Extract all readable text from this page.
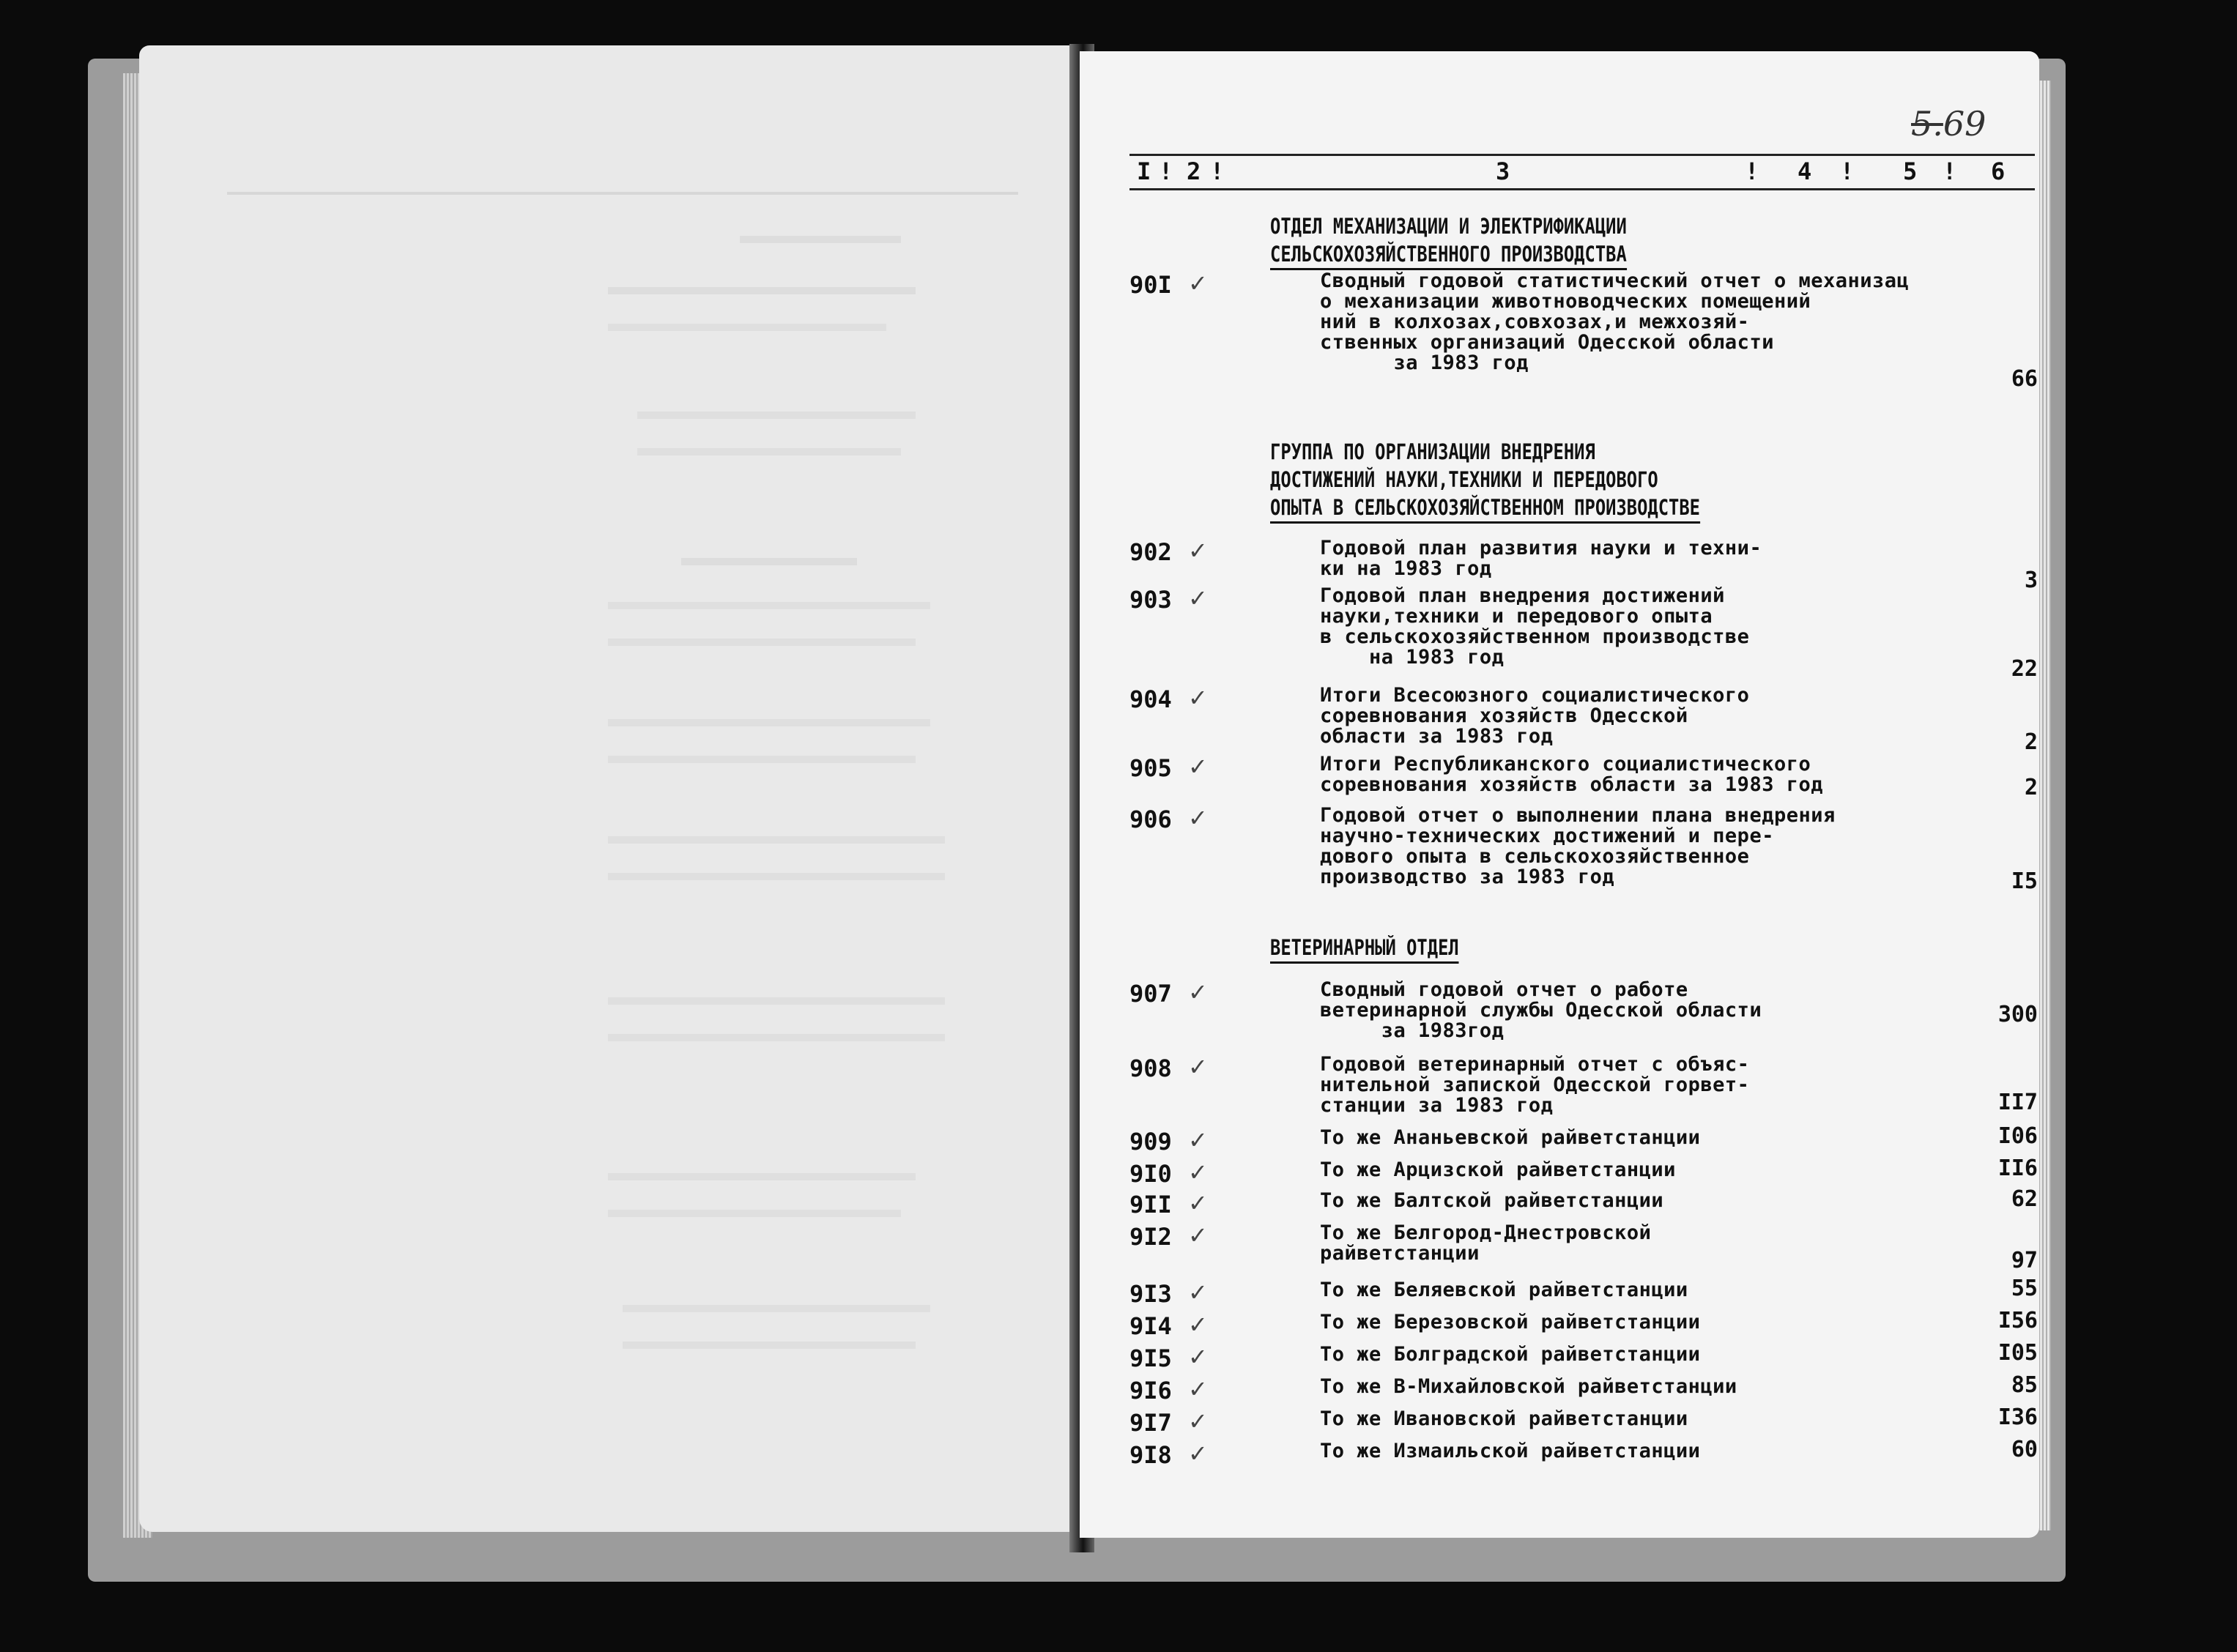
5.69
I ! 2 !	3	! 4 ! 5 ! 6
ОТДЕЛ МЕХАНИЗАЦИИ И ЭЛЕКТРИФИКАЦИИ
СЕЛЬСКОХОЗЯЙСТВЕННОГО ПРОИЗВОДСТВА
ГРУППА ПО ОРГАНИЗАЦИИ ВНЕДРЕНИЯ
ДОСТИЖЕНИЙ НАУКИ,ТЕХНИКИ И ПЕРЕДОВОГО
ОПЫТА В СЕЛЬСКОХОЗЯЙСТВЕННОМ ПРОИЗВОДСТВЕ
ВЕТЕРИНАРНЫЙ ОТДЕЛ
90I ✓	Сводный годовой статистический отчет о механизац
о механизации животноводческих помещений
ний в колхозах,совхозах,и межхозяй-
ственных организаций Одесской области
за 1983 год
66
902 ✓	Годовой план развития науки и техни-
ки на 1983 год	3
903 ✓	Годовой план внедрения достижений
науки,техники и передового опыта
в сельскохозяйственном производстве
на 1983 год	22
904 ✓	Итоги Всесоюзного социалистического
соревнования хозяйств Одесской
области за 1983 год	2
905 ✓	Итоги Республиканского социалистического
соревнования хозяйств области за 1983 год	2
906 ✓	Годовой отчет о выполнении плана внедрения
научно-технических достижений и пере-
дового опыта в сельскохозяйственное
производство за 1983 год	I5
907 ✓	Сводный годовой отчет о работе
ветеринарной службы Одесской области
за 1983год
300
908 ✓	Годовой ветеринарный отчет с объяс-
нительной запиской Одесской горвет-
станции за 1983 год	II7
909 ✓	То же Ананьевской райветстанции	I06
9I0 ✓	То же Арцизской райветстанции	II6
9II ✓	То же Балтской райветстанции	62
9I2 ✓	То же Белгород-Днестровской
райветстанции	97
9I3 ✓	То же Беляевской райветстанции	55
9I4 ✓	То же Березовской райветстанции	I56
9I5 ✓	То же Болградской райветстанции	I05
9I6 ✓	То же В-Михайловской райветстанции	85
9I7 ✓	То же Ивановской райветстанции	I36
9I8 ✓	То же Измаильской райветстанции	60
